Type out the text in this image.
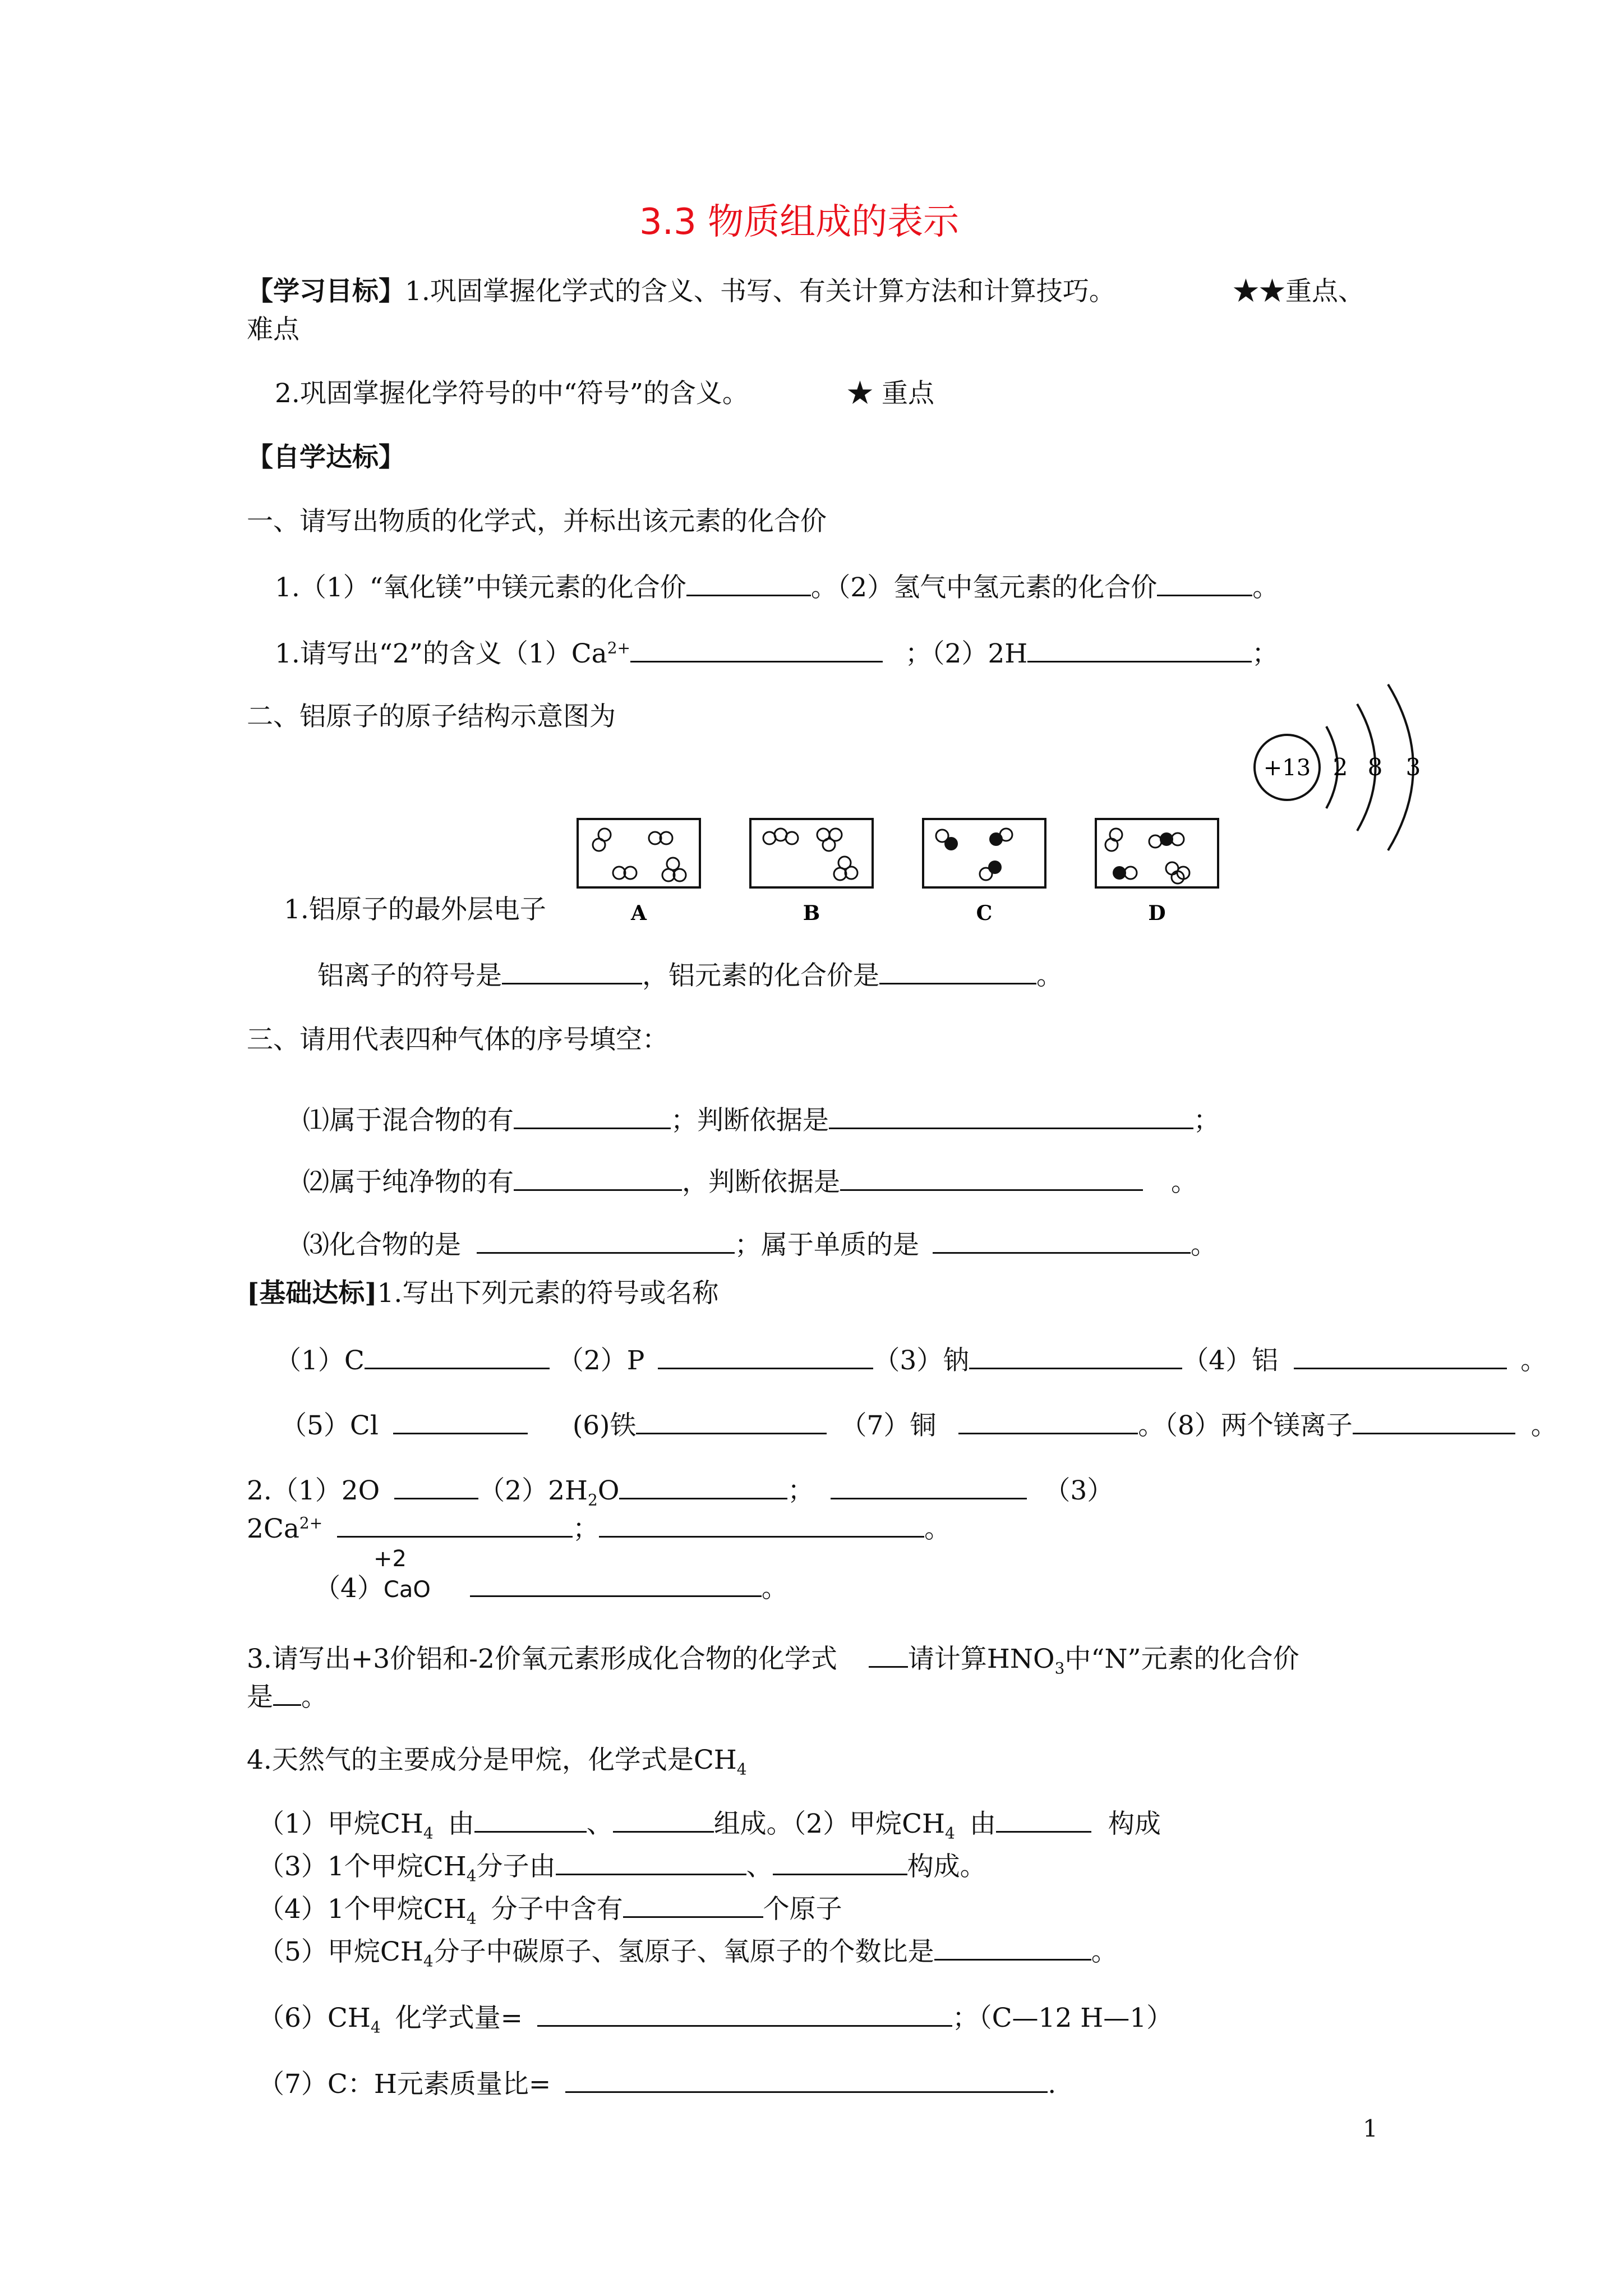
3.3 物质组成的表示
【学习目标】1.巩固掌握化学式的含义、书写、有关计算方法和计算技巧。	★★重点、
难点
2.巩固掌握化学符号的中“符号”的含义。	★ 重点
【自学达标】
一、请写出物质的化学式，并标出该元素的化合价
1.（1）“氧化镁”中镁元素的化合价	。（2）氢气中氢元素的化合价	。
1.请写出“2”的含义$(1)Ca^{2+}$	；（2）2H	；
二、铝原子的原子结构示意图为
+13 2 8 3
A	B	C	D
1.铝原子的最外层电子
铝离子的符号是	，铝元素的化合价是	。
三、请用代表四种气体的序号填空：
⑴属于混合物的有	；判断依据是	；
⑵属于纯净物的有	，判断依据是	。
⑶化合物的是	；属于单质的是	。
[基础达标]1.写出下列元素的符号或名称
（1）C	（2）P	（3）钠	（4）铝	。
（5）Cl	(6)铁	（7）铜	。（8）两个镁离子	。
2.（1）2O	$(2)2H_2O$	；	（3）
$2Ca^{2+}$	；	。
+2
（4）CaO	。
3.请写出+3价铝和-2价氧元素形成化合物的化学式	请计算$HNO_3$中“N”元素的化合价
是 。
4.天然气的主要成分是甲烷，化学式是$CH_4$
（1）甲烷$CH_4$ 由	、	组成。（2）甲烷$CH_4$ 由	构成
（3）1个甲烷$CH_4$分子由	、	构成。
（4）1个甲烷$CH_4$ 分子中含有	个原子
（5）甲烷$CH_4$分子中碳原子、氢原子、氧原子的个数比是	。
$(6)CH_4$ 化学式量=	；（C—12 H—1）
（7）C：H元素质量比=	.
1
